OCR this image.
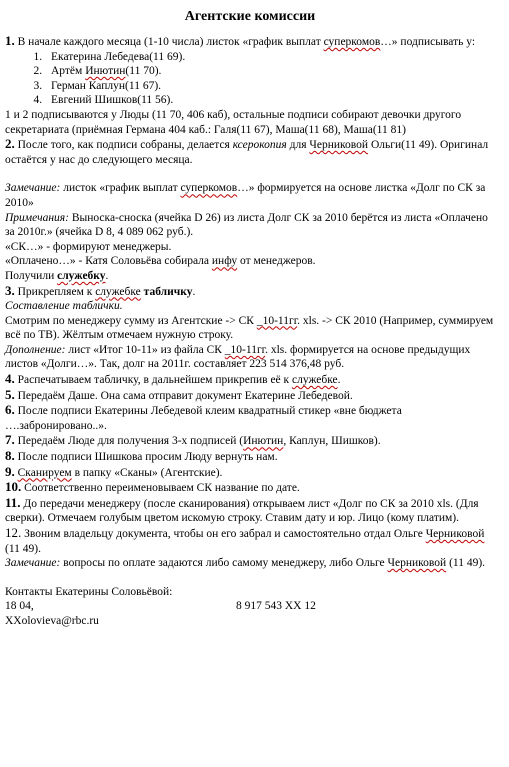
Агентские комиссии

1. В начале каждого месяца (1-10 числа) листок «график выплат суперкомов…» подписывать у:

1. Екатерина Лебедева(11 69).
2. Артём Инютин(11 70).
3. Герман Каплун(11 67).
4. Евгений Шишков(11 56).

1 и 2 подписываются у Люды (11 70, 406 каб), остальные подписи собирают девочки другого секретариата (приёмная Германа 404 каб.: Галя(11 67), Маша(11 68), Маша(11 81)

2. После того, как подписи собраны, делается ксерокопия для Черниковой Ольги(11 49). Оригинал остаётся у нас до следующего месяца.

Замечание: листок «график выплат суперкомов…» формируется на основе листка «Долг по СК за 2010»

Примечания: Выноска-сноска (ячейка D 26) из листа Долг СК за 2010 берётся из листа «Оплачено за 2010г.» (ячейка D 8, 4 089 062 руб.).

«СК…» - формируют менеджеры.

«Оплачено…» - Катя Соловьёва собирала инфу от менеджеров.

Получили служебку.

3. Прикрепляем к служебке табличку.

Составление таблички.

Смотрим по менеджеру сумму из Агентские -> СК _10-11гг. xls. -> СК 2010 (Например, суммируем всё по ТВ). Жёлтым отмечаем нужную строку.

Дополнение: лист «Итог 10-11» из файла СК _10-11гг. xls. формируется на основе предыдущих листов «Долги…». Так, долг на 2011г. составляет 223 514 376,48 руб.

4. Распечатываем табличку, в дальнейшем прикрепив её к служебке.

5. Передаём Даше. Она сама отправит документ Екатерине Лебедевой.

6. После подписи Екатерины Лебедевой клеим квадратный стикер «вне бюджета ….забронировано..».

7. Передаём Люде для получения 3-х подписей (Инютин, Каплун, Шишков).

8. После подписи Шишкова просим Люду вернуть нам.

9. Сканируем в папку «Сканы» (Агентские).

10. Соответственно переименовываем СК название по дате.

11. До передачи менеджеру (после сканирования) открываем лист «Долг по СК за 2010 xls. (Для сверки). Отмечаем голубым цветом искомую строку. Ставим дату и юр. Лицо (кому платим).

12. Звоним владельцу документа, чтобы он его забрал и самостоятельно отдал Ольге Черниковой (11 49).

Замечание: вопросы по оплате задаются либо самому менеджеру, либо Ольге Черниковой (11 49).

Контакты Екатерины Соловьёвой:

18 04,	8 917 543 XX 12

XXolovieva@rbc.ru
